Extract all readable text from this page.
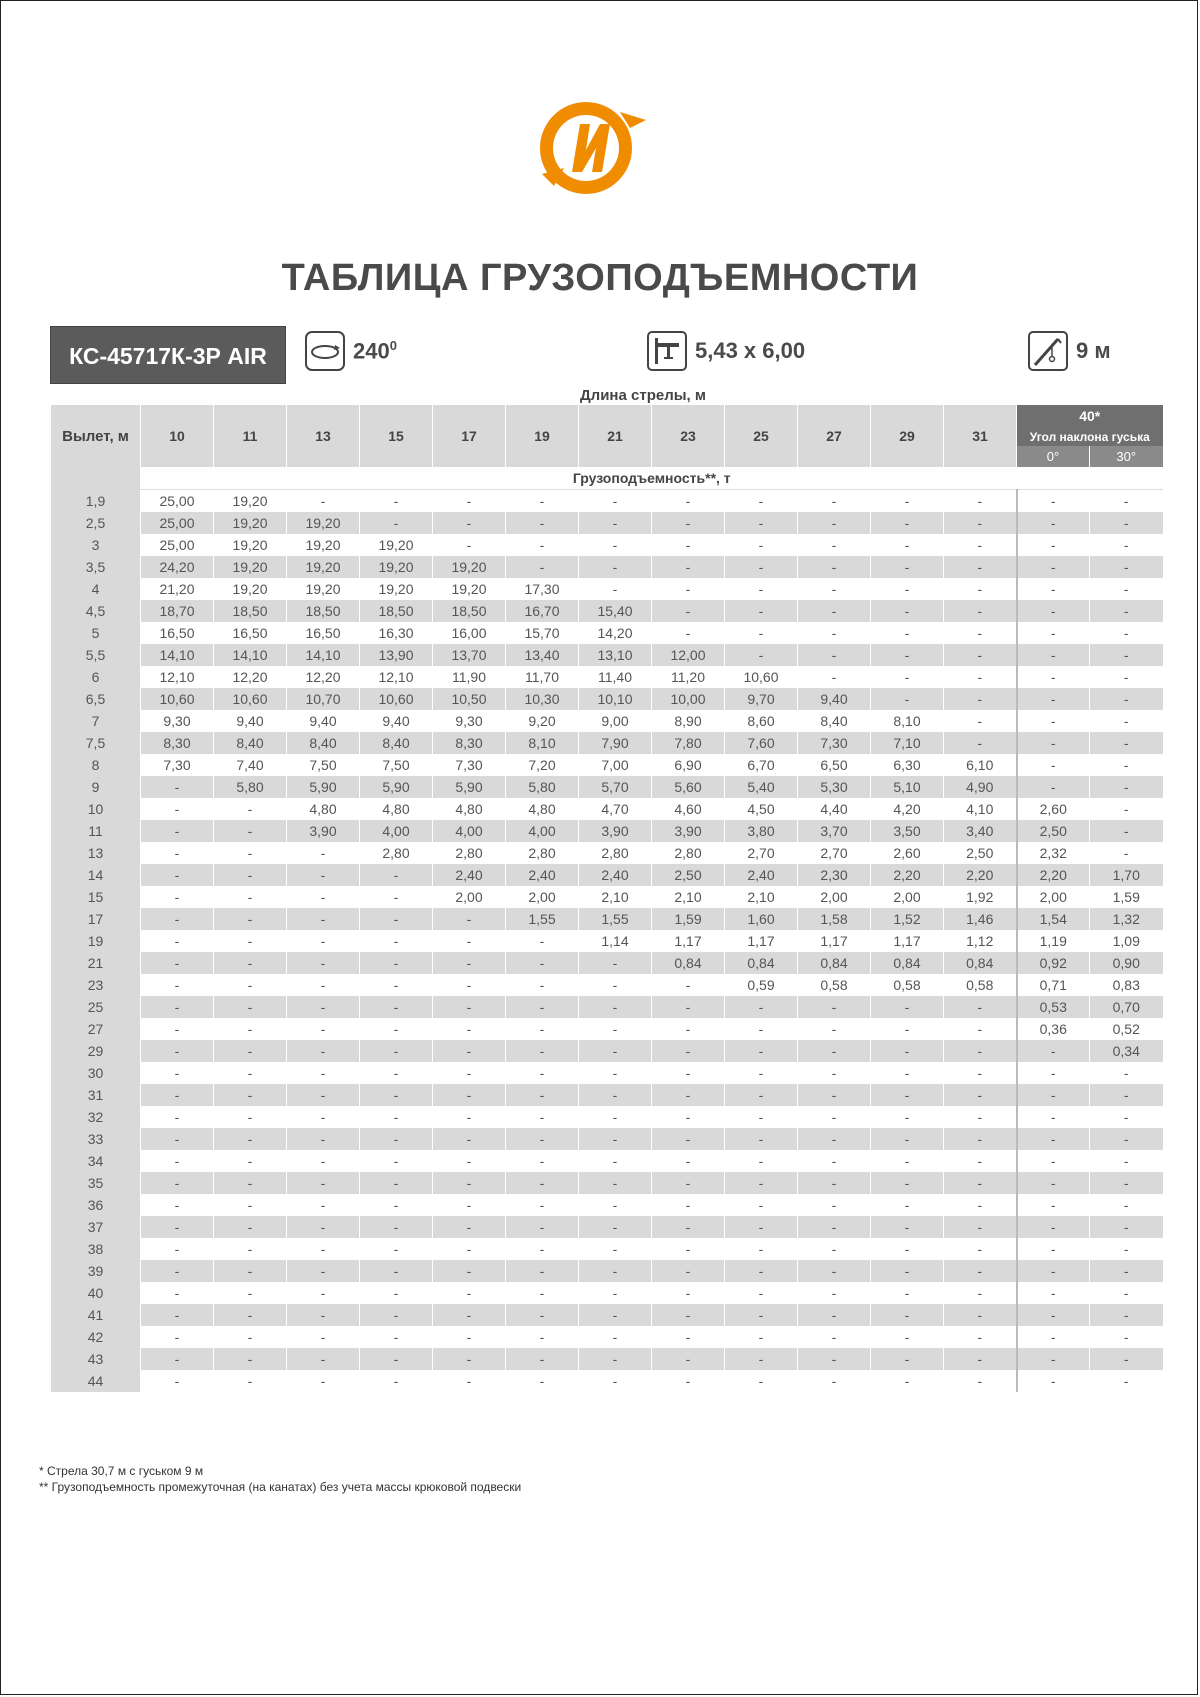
ТАБЛИЦА ГРУЗОПОДЪЕМНОСТИ
КС-45717К-3Р AIR	$240^0$	5,43 х 6,00	9 м
Длина стрелы, м
Вылет, м	10	11	13	15	17	19	21	23	25	27	29	31	40*	
													Угол наклона гуська	
													0°	30°
	Грузоподъемность**, т													
1,9	25,00	19,20	-	-	-	-	-	-	-	-	-	-	-	-
2,5	25,00	19,20	19,20	-	-	-	-	-	-	-	-	-	-	-
3	25,00	19,20	19,20	19,20	-	-	-	-	-	-	-	-	-	-
3,5	24,20	19,20	19,20	19,20	19,20	-	-	-	-	-	-	-	-	-
4	21,20	19,20	19,20	19,20	19,20	17,30	-	-	-	-	-	-	-	-
4,5	18,70	18,50	18,50	18,50	18,50	16,70	15,40	-	-	-	-	-	-	-
5	16,50	16,50	16,50	16,30	16,00	15,70	14,20	-	-	-	-	-	-	-
5,5	14,10	14,10	14,10	13,90	13,70	13,40	13,10	12,00	-	-	-	-	-	-
6	12,10	12,20	12,20	12,10	11,90	11,70	11,40	11,20	10,60	-	-	-	-	-
6,5	10,60	10,60	10,70	10,60	10,50	10,30	10,10	10,00	9,70	9,40	-	-	-	-
7	9,30	9,40	9,40	9,40	9,30	9,20	9,00	8,90	8,60	8,40	8,10	-	-	-
7,5	8,30	8,40	8,40	8,40	8,30	8,10	7,90	7,80	7,60	7,30	7,10	-	-	-
8	7,30	7,40	7,50	7,50	7,30	7,20	7,00	6,90	6,70	6,50	6,30	6,10	-	-
9	-	5,80	5,90	5,90	5,90	5,80	5,70	5,60	5,40	5,30	5,10	4,90	-	-
10	-	-	4,80	4,80	4,80	4,80	4,70	4,60	4,50	4,40	4,20	4,10	2,60	-
11	-	-	3,90	4,00	4,00	4,00	3,90	3,90	3,80	3,70	3,50	3,40	2,50	-
13	-	-	-	2,80	2,80	2,80	2,80	2,80	2,70	2,70	2,60	2,50	2,32	-
14	-	-	-	-	2,40	2,40	2,40	2,50	2,40	2,30	2,20	2,20	2,20	1,70
15	-	-	-	-	2,00	2,00	2,10	2,10	2,10	2,00	2,00	1,92	2,00	1,59
17	-	-	-	-	-	1,55	1,55	1,59	1,60	1,58	1,52	1,46	1,54	1,32
19	-	-	-	-	-	-	1,14	1,17	1,17	1,17	1,17	1,12	1,19	1,09
21	-	-	-	-	-	-	-	0,84	0,84	0,84	0,84	0,84	0,92	0,90
23	-	-	-	-	-	-	-	-	0,59	0,58	0,58	0,58	0,71	0,83
25	-	-	-	-	-	-	-	-	-	-	-	-	0,53	0,70
27	-	-	-	-	-	-	-	-	-	-	-	-	0,36	0,52
29	-	-	-	-	-	-	-	-	-	-	-	-	-	0,34
30	-	-	-	-	-	-	-	-	-	-	-	-	-	-
31	-	-	-	-	-	-	-	-	-	-	-	-	-	-
32	-	-	-	-	-	-	-	-	-	-	-	-	-	-
33	-	-	-	-	-	-	-	-	-	-	-	-	-	-
34	-	-	-	-	-	-	-	-	-	-	-	-	-	-
35	-	-	-	-	-	-	-	-	-	-	-	-	-	-
36	-	-	-	-	-	-	-	-	-	-	-	-	-	-
37	-	-	-	-	-	-	-	-	-	-	-	-	-	-
38	-	-	-	-	-	-	-	-	-	-	-	-	-	-
39	-	-	-	-	-	-	-	-	-	-	-	-	-	-
40	-	-	-	-	-	-	-	-	-	-	-	-	-	-
41	-	-	-	-	-	-	-	-	-	-	-	-	-	-
42	-	-	-	-	-	-	-	-	-	-	-	-	-	-
43	-	-	-	-	-	-	-	-	-	-	-	-	-	-
44	-	-	-	-	-	-	-	-	-	-	-	-	-	-
* Стрела 30,7 м с гуськом 9 м
** Грузоподъемность промежуточная (на канатах) без учета массы крюковой подвески
